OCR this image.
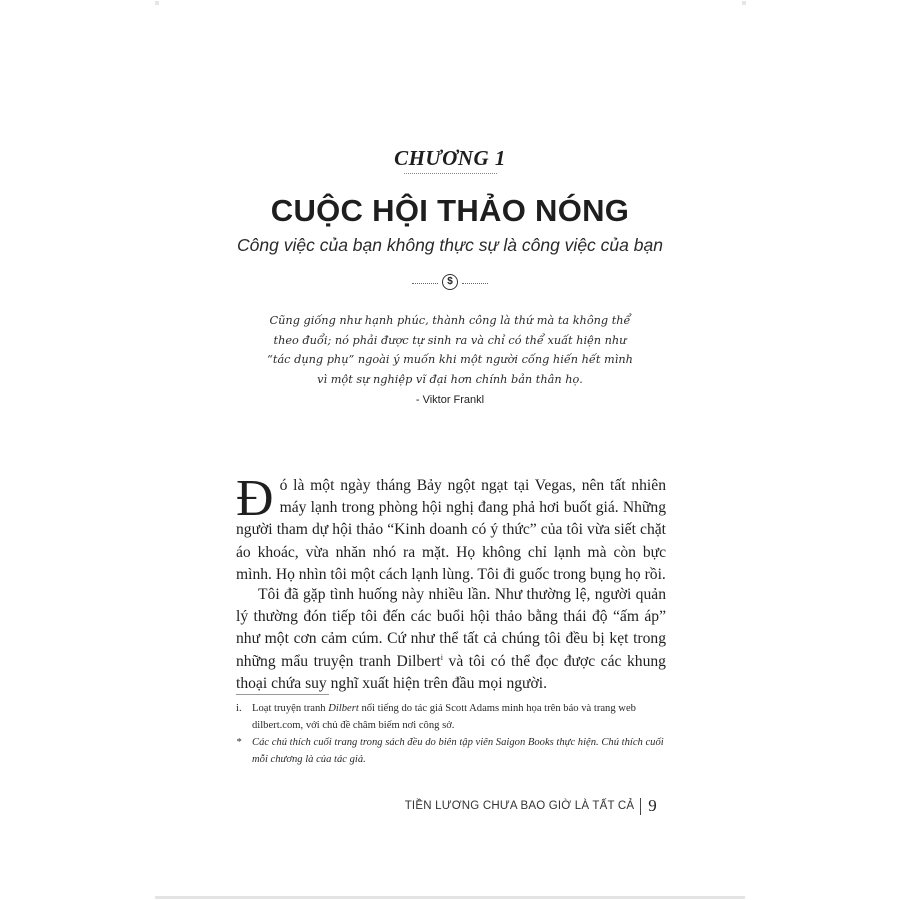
CHƯƠNG 1
CUỘC HỘI THẢO NÓNG
Công việc của bạn không thực sự là công việc của bạn
$
Cũng giống như hạnh phúc, thành công là thứ mà ta không thể theo đuổi; nó phải được tự sinh ra và chỉ có thể xuất hiện như “tác dụng phụ” ngoài ý muốn khi một người cống hiến hết mình vì một sự nghiệp vĩ đại hơn chính bản thân họ.
- Viktor Frankl
Đ ó là một ngày tháng Bảy ngột ngạt tại Vegas, nên tất nhiên máy lạnh trong phòng hội nghị đang phả hơi buốt giá. Những người tham dự hội thảo “Kinh doanh có ý thức” của tôi vừa siết chặt áo khoác, vừa nhăn nhó ra mặt. Họ không chỉ lạnh mà còn bực mình. Họ nhìn tôi một cách lạnh lùng. Tôi đi guốc trong bụng họ rồi.
Tôi đã gặp tình huống này nhiều lần. Như thường lệ, người quản lý thường đón tiếp tôi đến các buổi hội thảo bằng thái độ “ấm áp” như một cơn cảm cúm. Cứ như thể tất cả chúng tôi đều bị kẹt trong những mẩu truyện tranh Dilbert$^i$ và tôi có thể đọc được các khung thoại chứa suy nghĩ xuất hiện trên đầu mọi người.
i. Loạt truyện tranh Dilbert nổi tiếng do tác giả Scott Adams minh họa trên báo và trang web dilbert.com, với chủ đề châm biếm nơi công sở.
*	Các chú thích cuối trang trong sách đều do biên tập viên Saigon Books thực hiện. Chú thích cuối mỗi chương là của tác giả.
TIỀN LƯƠNG CHƯA BAO GIỜ LÀ TẤT CẢ 9
